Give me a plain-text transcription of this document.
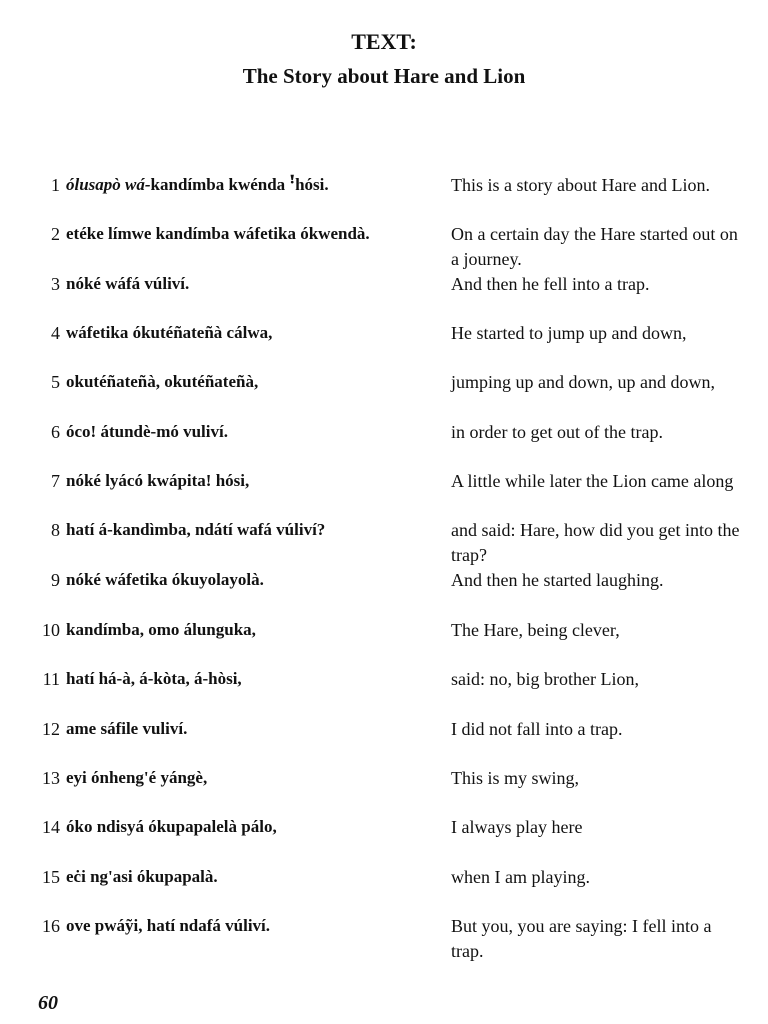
TEXT:
The Story about Hare and Lion
1 ólusapò wá-kandímba kwénda ꜝhósi.	This is a story about Hare and Lion.
2 etéke límwe kandímba wáfetika ókwendà.	On a certain day the Hare started out on a journey.
3 nóké wáfá vúliví.	And then he fell into a trap.
4 wáfetika ókutéñateñà cálwa,	He started to jump up and down,
5 okutéñateñà, okutéñateñà,	jumping up and down, up and down,
6 óco! átundè-mó vuliví.	in order to get out of the trap.
7 nóké lyácó kwápita! hósi,	A little while later the Lion came along
8 hatí á-kandìmba, ndátí wafá vúliví?	and said: Hare, how did you get into the trap?
9 nóké wáfetika ókuyolayolà.	And then he started laughing.
10 kandímba, omo álunguka,	The Hare, being clever,
11 hatí há-à, á-kòta, á-hòsi,	said: no, big brother Lion,
12 ame sáfile vuliví.	I did not fall into a trap.
13 eyi ónheng'é yángè,	This is my swing,
14 óko ndisyá ókupapalelà pálo,	I always play here
15 eċi ng'asi ókupapalà.	when I am playing.
16 ove pwáỹi, hatí ndafá vúliví.	But you, you are saying: I fell into a trap.
60
